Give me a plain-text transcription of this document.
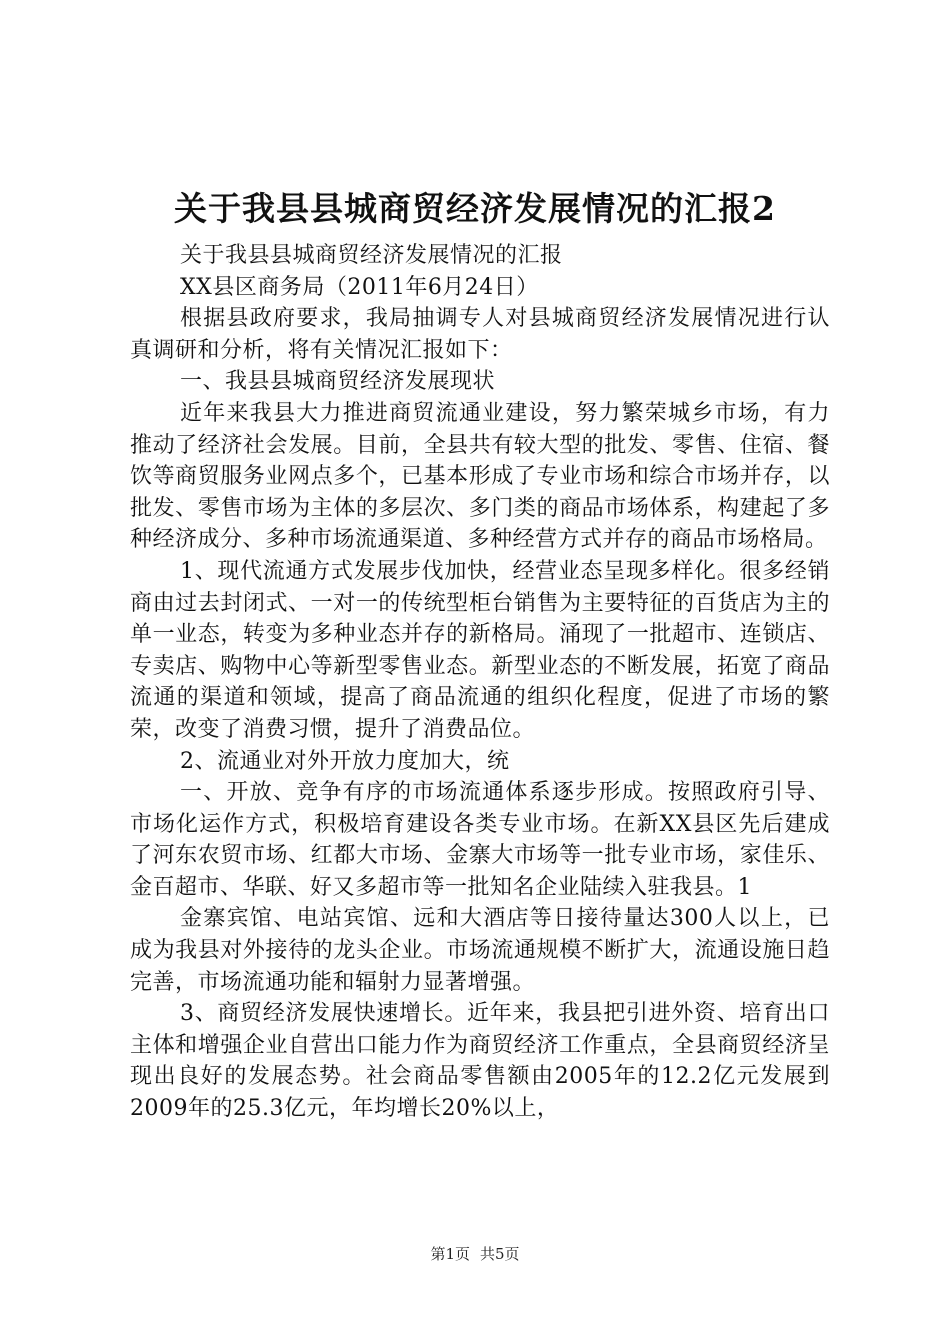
关于我县县城商贸经济发展情况的汇报2

关于我县县城商贸经济发展情况的汇报

XX县区商务局（2011年6月24日）

根据县政府要求，我局抽调专人对县城商贸经济发展情况进行认真调研和分析，将有关情况汇报如下：

一、我县县城商贸经济发展现状

近年来我县大力推进商贸流通业建设，努力繁荣城乡市场，有力推动了经济社会发展。目前，全县共有较大型的批发、零售、住宿、餐饮等商贸服务业网点多个，已基本形成了专业市场和综合市场并存，以批发、零售市场为主体的多层次、多门类的商品市场体系，构建起了多种经济成分、多种市场流通渠道、多种经营方式并存的商品市场格局。

1、现代流通方式发展步伐加快，经营业态呈现多样化。很多经销商由过去封闭式、一对一的传统型柜台销售为主要特征的百货店为主的单一业态，转变为多种业态并存的新格局。涌现了一批超市、连锁店、专卖店、购物中心等新型零售业态。新型业态的不断发展，拓宽了商品流通的渠道和领域，提高了商品流通的组织化程度，促进了市场的繁荣，改变了消费习惯，提升了消费品位。

2、流通业对外开放力度加大，统

一、开放、竞争有序的市场流通体系逐步形成。按照政府引导、市场化运作方式，积极培育建设各类专业市场。在新XX县区先后建成了河东农贸市场、红都大市场、金寨大市场等一批专业市场，家佳乐、金百超市、华联、好又多超市等一批知名企业陆续入驻我县。1

金寨宾馆、电站宾馆、远和大酒店等日接待量达300人以上，已成为我县对外接待的龙头企业。市场流通规模不断扩大，流通设施日趋完善，市场流通功能和辐射力显著增强。

3、商贸经济发展快速增长。近年来，我县把引进外资、培育出口主体和增强企业自营出口能力作为商贸经济工作重点，全县商贸经济呈现出良好的发展态势。社会商品零售额由2005年的12.2亿元发展到2009年的25.3亿元，年均增长20%以上，

第1页 共5页
